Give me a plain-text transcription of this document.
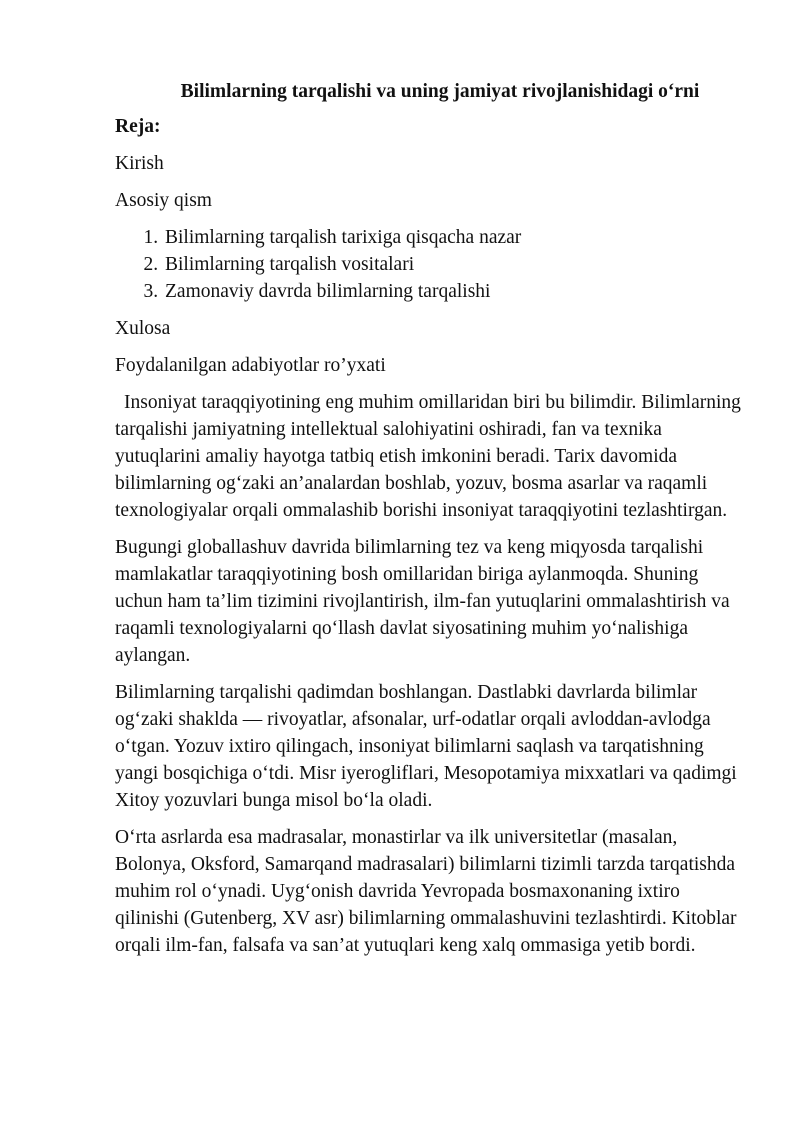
Bilimlarning tarqalishi va uning jamiyat rivojlanishidagi o‘rni

Reja:

Kirish

Asosiy qism

1. Bilimlarning tarqalish tarixiga qisqacha nazar
2. Bilimlarning tarqalish vositalari
3. Zamonaviy davrda bilimlarning tarqalishi

Xulosa

Foydalanilgan adabiyotlar ro’yxati

Insoniyat taraqqiyotining eng muhim omillaridan biri bu bilimdir. Bilimlarning tarqalishi jamiyatning intellektual salohiyatini oshiradi, fan va texnika yutuqlarini amaliy hayotga tatbiq etish imkonini beradi. Tarix davomida bilimlarning og‘zaki an’analardan boshlab, yozuv, bosma asarlar va raqamli texnologiyalar orqali ommalashib borishi insoniyat taraqqiyotini tezlashtirgan.

Bugungi globallashuv davrida bilimlarning tez va keng miqyosda tarqalishi mamlakatlar taraqqiyotining bosh omillaridan biriga aylanmoqda. Shuning uchun ham ta’lim tizimini rivojlantirish, ilm-fan yutuqlarini ommalashtirish va raqamli texnologiyalarni qo‘llash davlat siyosatining muhim yo‘nalishiga aylangan.

Bilimlarning tarqalishi qadimdan boshlangan. Dastlabki davrlarda bilimlar og‘zaki shaklda — rivoyatlar, afsonalar, urf-odatlar orqali avloddan-avlodga o‘tgan. Yozuv ixtiro qilingach, insoniyat bilimlarni saqlash va tarqatishning yangi bosqichiga o‘tdi. Misr iyerogliflari, Mesopotamiya mixxatlari va qadimgi Xitoy yozuvlari bunga misol bo‘la oladi.

O‘rta asrlarda esa madrasalar, monastirlar va ilk universitetlar (masalan, Bolonya, Oksford, Samarqand madrasalari) bilimlarni tizimli tarzda tarqatishda muhim rol o‘ynadi. Uyg‘onish davrida Yevropada bosmaxonaning ixtiro qilinishi (Gutenberg, XV asr) bilimlarning ommalashuvini tezlashtirdi. Kitoblar orqali ilm-fan, falsafa va san’at yutuqlari keng xalq ommasiga yetib bordi.
